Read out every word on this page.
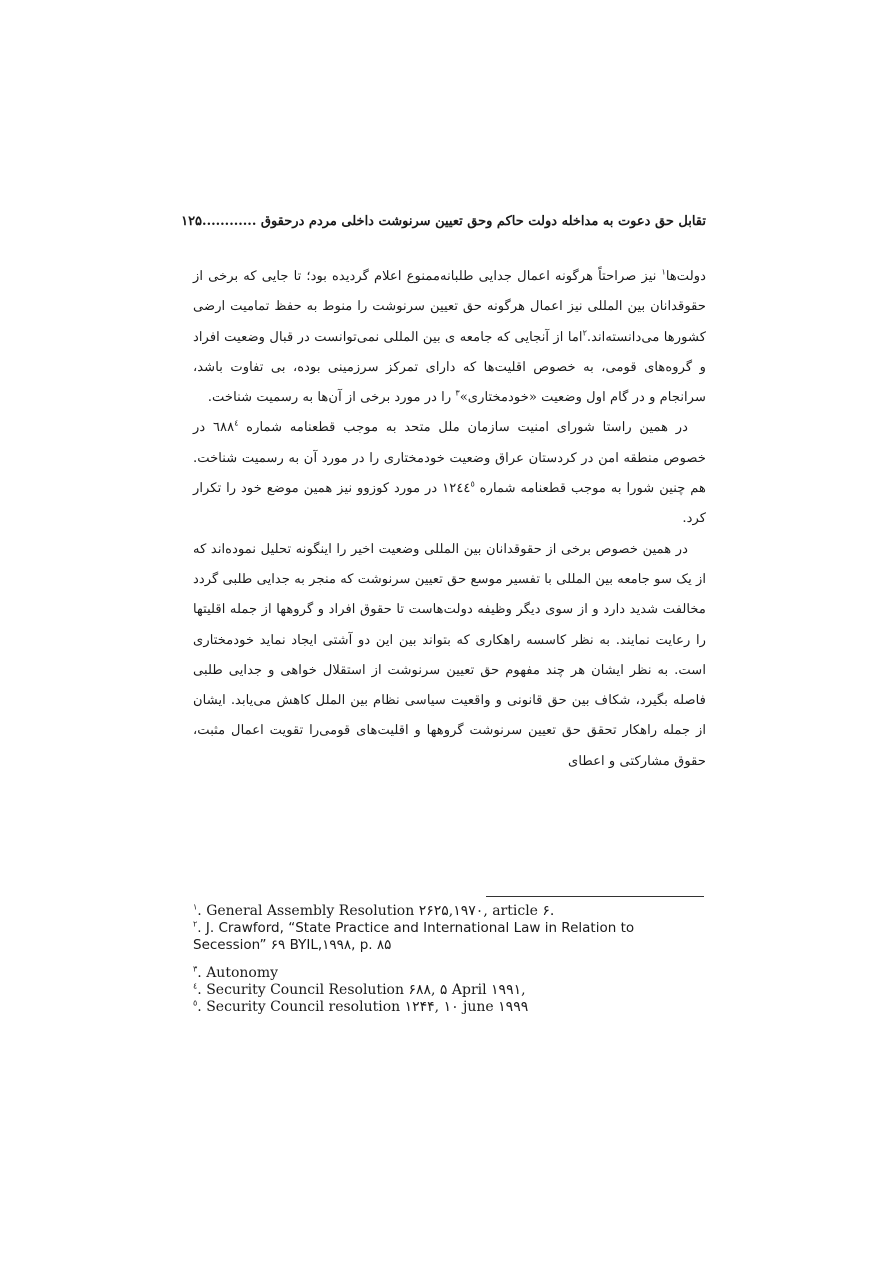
تقابل حق دعوت به مداخله دولت حاکم وحق تعیین سرنوشت داخلی مردم درحقوق ............۱۲۵

دولت‌ها$^۱$ نیز صراحتاً هرگونه اعمال جدایی طلبانه‌ممنوع اعلام گردیده بود؛ تا جایی که برخی از حقوقدانان بین المللی نیز اعمال هرگونه حق تعیین سرنوشت را منوط به حفظ تمامیت ارضی کشورها می‌دانسته‌اند.$^۲$اما از آنجایی که جامعه ی بین المللی نمی‌توانست در قبال وضعیت افراد و گروه‌های قومی، به خصوص اقلیت‌ها که دارای تمرکز سرزمینی بوده، بی تفاوت باشد، سرانجام و در گام اول وضعیت «خودمختاری»$^۳$ را در مورد برخی از آن‌ها به رسمیت شناخت.

در همین راستا شورای امنیت سازمان ملل متحد به موجب قطعنامه شماره $٦٨٨^٤$ در خصوص منطقه امن در کردستان عراق وضعیت خودمختاری را در مورد آن به رسمیت شناخت. هم چنین شورا به موجب قطعنامه شماره ١٢٤٤$^٥$ در مورد کوزوو نیز همین موضع خود را تکرار کرد.

در همین خصوص برخی از حقوقدانان بین المللی وضعیت اخیر را اینگونه تحلیل نموده‌اند که از یک سو جامعه بین المللی با تفسیر موسع حق تعیین سرنوشت که منجر به جدایی طلبی گردد مخالفت شدید دارد و از سوی دیگر وظیفه دولت‌هاست تا حقوق افراد و گروهها از جمله اقلیتها را رعایت نمایند. به نظر کاسسه راهکاری که بتواند بین این دو آشتی ایجاد نماید خودمختاری است. به نظر ایشان هر چند مفهوم حق تعیین سرنوشت از استقلال خواهی و جدایی طلبی فاصله بگیرد، شکاف بین حق قانونی و واقعیت سیاسی نظام بین الملل کاهش می‌یابد. ایشان از جمله راهکار تحقق حق تعیین سرنوشت گروهها و اقلیت‌های قومی‌را تقویت اعمال مثبت، حقوق مشارکتی و اعطای

$^۱$. General Assembly Resolution ۲۶۲۵,۱۹۷۰, article ۶.
$^۲$. J. Crawford, “State Practice and International Law in Relation to Secession” ۶۹ BYIL,۱۹۹۸, p. ۸۵
$^۳$. Autonomy
$^٤$. Security Council Resolution ۶۸۸, ۵ April ۱۹۹۱,
$^٥$. Security Council resolution ۱۲۴۴, ۱۰ june ۱۹۹۹
